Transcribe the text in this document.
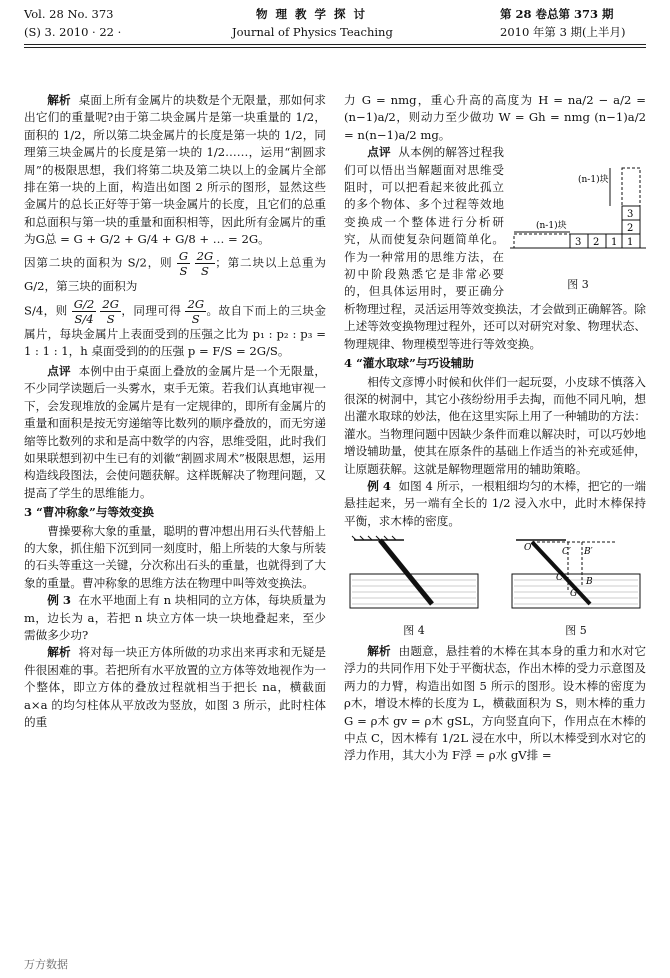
Vol. 28 No. 373
(S) 3. 2010 · 22 ·
物 理 教 学 探 讨
Journal of Physics Teaching
第 28 卷总第 373 期
2010 年第 3 期(上半月)

解析 桌面上所有金属片的块数是个无限量，那如何求出它们的重量呢?由于第二块金属片是第一块重量的 1/2，面积的 1/2，所以第二块金属片的长度是第一块的 1/2，同理第三块金属片的长度是第一块的 1/2……，运用“割圆求周”的极限思想，我们将第二块及第二块以上的金属片全部排在第一块的上面，构造出如图 2 所示的图形，显然这些金属片的总长正好等于第一块金属片的长度，且它们的总重和总面积与第一块的重量和面积相等，因此所有金属片的重为G总 = G + G/2 + G/4 + G/8 + … = 2G。

因第二块的面积为 S/2，则 $\frac{G}{S}$
$\frac{2G}{S}$ ；第二块以上总重为 G/2，第三块的面积为

S/4，则 $\frac{G/2}{S/4}$
$\frac{2G}{S}$ ，同理可得 $\frac{2G}{S}$ 。故自下而上的三块金属片，每块金属片上表面受到的压强之比为 p₁ : p₂ : p₃ = 1 : 1 : 1，h 桌面受到的的压强 p = F/S = 2G/S。

点评 本例中由于桌面上叠放的金属片是一个无限量，不少同学读题后一头雾水，束手无策。若我们认真地审视一下，会发现堆放的金属片是有一定规律的，即所有金属片的重量和面积是按无穷递缩等比数列的顺序叠放的，而无穷递缩等比数列的求和是高中数学的内容，思维受阻，此时我们如果联想到初中生已有的刘徽“割圆求周术”极限思想，运用构造线段图法，会使问题获解。这样既解决了物理问题，又提高了学生的思维能力。

3 “曹冲称象”与等效变换

曹操要称大象的重量，聪明的曹冲想出用石头代替船上的大象，抓住船下沉到同一刻度时，船上所装的大象与所装的石头等重这一关键，分次称出石头的重量，也就得到了大象的重量。曹冲称象的思维方法在物理中叫等效变换法。

例 3 在水平地面上有 n 块相同的立方体，每块质量为 m，边长为 a，若把 n 块立方体一块一块地叠起来，至少需做多少功?

解析 将对每一块正方体所做的功求出来再求和无疑是件很困难的事。若把所有水平放置的立方体等效地视作为一个整体，即立方体的叠放过程就相当于把长 na，横截面 a×a 的均匀柱体从平放改为竖放，如图 3 所示，此时柱体的重

力 G = nmg，重心升高的高度为 H = na/2 − a/2 = (n−1)a/2，则动力至少做功 W = Gh = nmg (n−1)a/2 = n(n−1)a/2 mg。

3
2
1
(n-1)块
3 2 1
(n-1)块
图 3

点评 从本例的解答过程我们可以悟出当解题面对思维受阻时，可以把看起来彼此孤立的多个物体、多个过程等效地变换成一个整体进行分析研究，从而使复杂问题简单化。作为一种常用的思维方法，在初中阶段熟悉它是非常必要的，但具体运用时，要正确分析物理过程，灵活运用等效变换法，才会做到正确解答。除上述等效变换物理过程外，还可以对研究对象、物理状态、物理规律、物理模型等进行等效变换。

4 “灌水取球”与巧设辅助

相传文彦博小时候和伙伴们一起玩耍，小皮球不慎落入很深的树洞中，其它小孩纷纷用手去掏，而他不同凡响，想出灌水取球的妙法，他在这里实际上用了一种辅助的方法：灌水。当物理问题中因缺少条件而难以解决时，可以巧妙地增设辅助量，使其在原条件的基础上作适当的补充或延伸，让原题获解。这就是解物理题常用的辅助策略。

例 4 如图 4 所示，一根粗细均匀的木棒，把它的一端悬挂起来，另一端有全长的 1/2 浸入水中，此时木棒保持平衡，求木棒的密度。

图 4
O	C′ B′
C	B
G
图 5

解析 由题意，悬挂着的木棒在其本身的重力和水对它浮力的共同作用下处于平衡状态，作出木棒的受力示意图及两力的力臂，构造出如图 5 所示的图形。设木棒的密度为 ρ木，增设木棒的长度为 L，横截面积为 S，则木棒的重力 G = ρ木 gv = ρ木 gSL，方向竖直向下，作用点在木棒的中点 C，因木棒有 1/2L 浸在水中，所以木棒受到水对它的浮力作用，其大小为 F浮 = ρ水 gV排 =

万方数据
